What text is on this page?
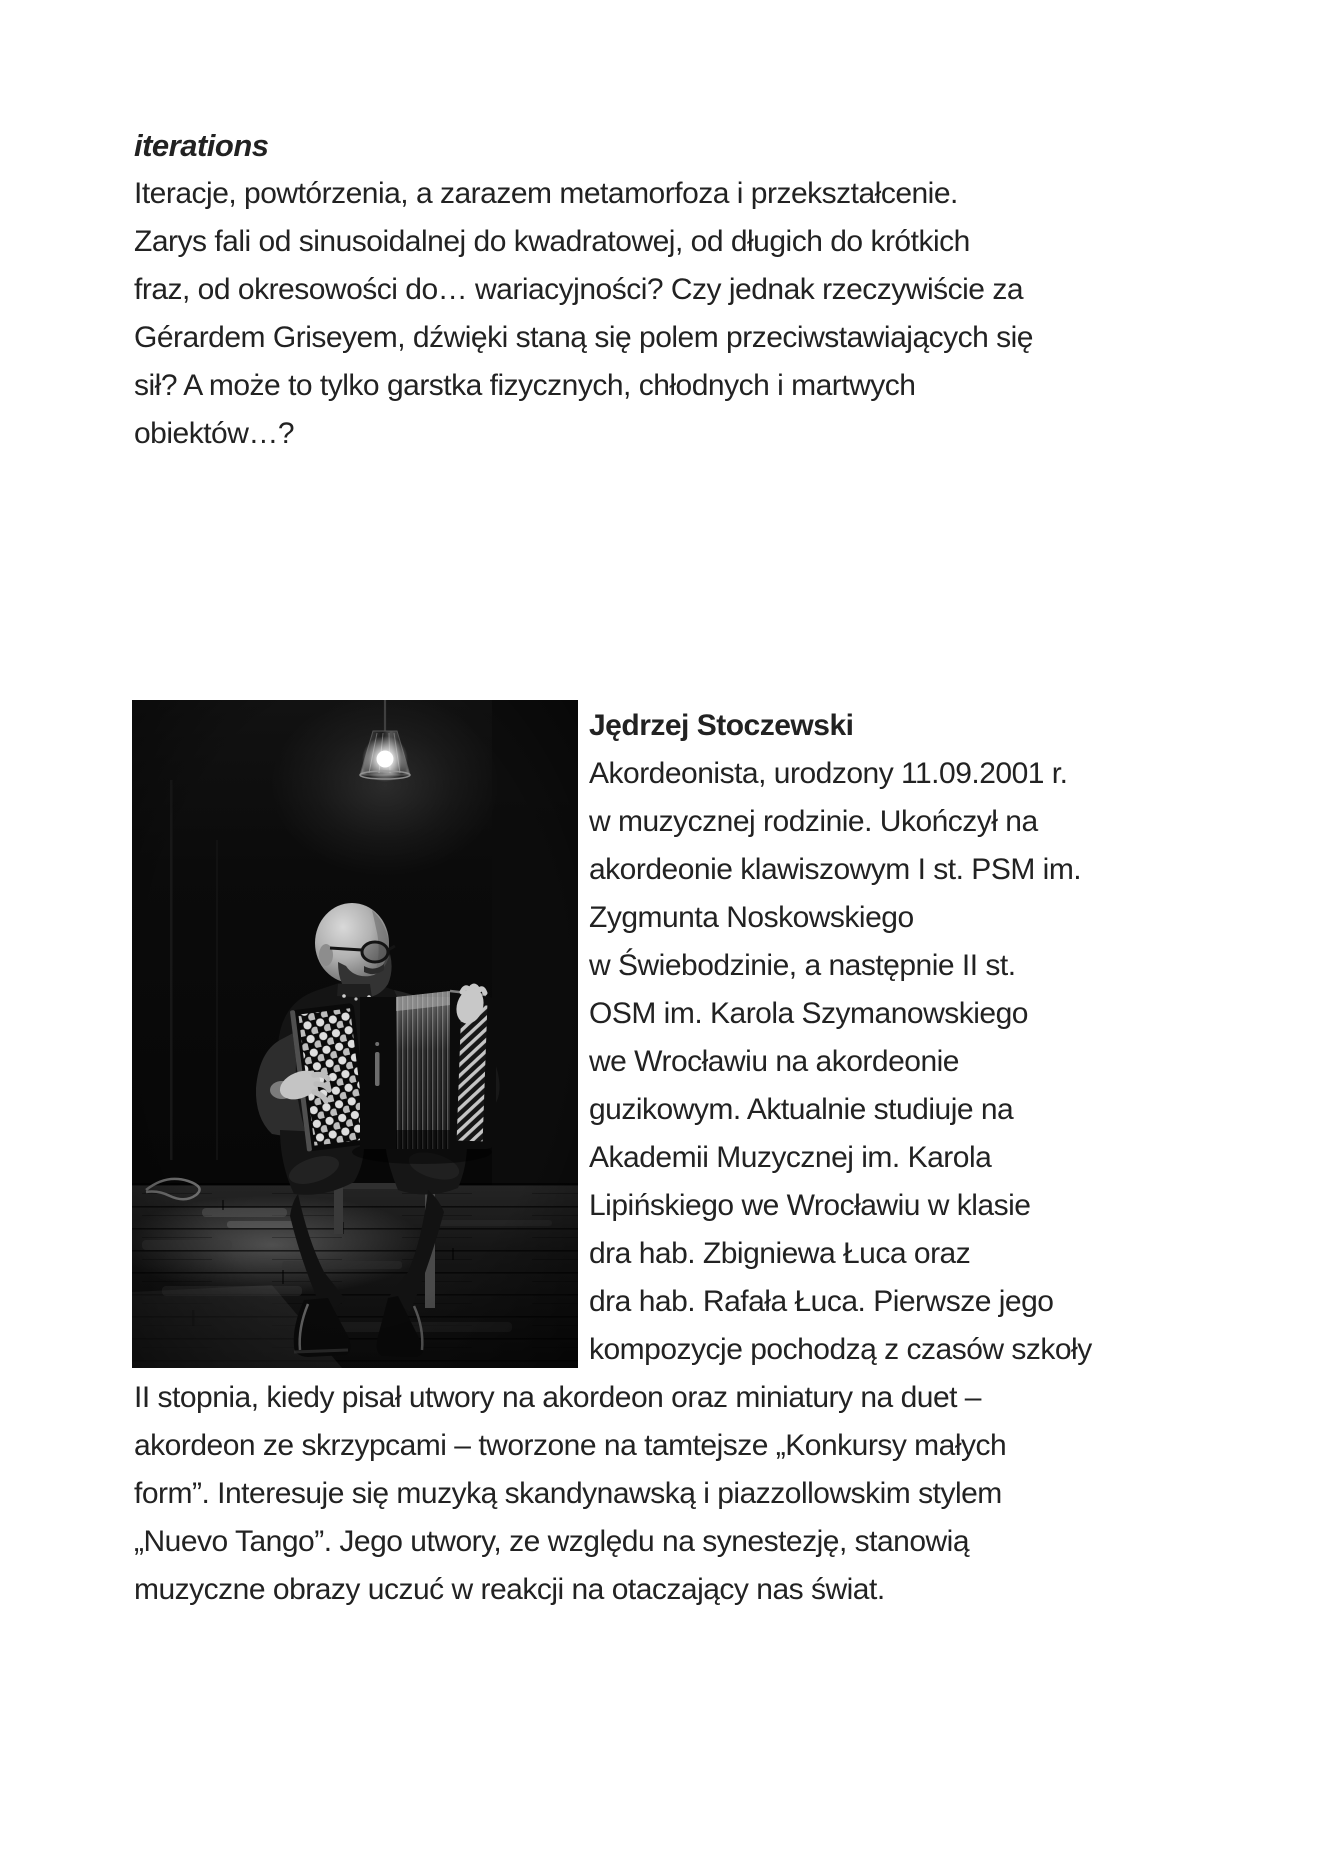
iterations

Iteracje, powtórzenia, a zarazem metamorfoza i przekształcenie.

Zarys fali od sinusoidalnej do kwadratowej, od długich do krótkich

fraz, od okresowości do… wariacyjności? Czy jednak rzeczywiście za

Gérardem Griseyem, dźwięki staną się polem przeciwstawiających się

sił? A może to tylko garstka fizycznych, chłodnych i martwych

obiektów…?

Jędrzej Stoczewski

Akordeonista, urodzony 11.09.2001 r.

w muzycznej rodzinie. Ukończył na

akordeonie klawiszowym I st. PSM im.

Zygmunta Noskowskiego

w Świebodzinie, a następnie II st.

OSM im. Karola Szymanowskiego

we Wrocławiu na akordeonie

guzikowym. Aktualnie studiuje na

Akademii Muzycznej im. Karola

Lipińskiego we Wrocławiu w klasie

dra hab. Zbigniewa Łuca oraz

dra hab. Rafała Łuca. Pierwsze jego

kompozycje pochodzą z czasów szkoły

II stopnia, kiedy pisał utwory na akordeon oraz miniatury na duet –

akordeon ze skrzypcami – tworzone na tamtejsze „Konkursy małych

form”. Interesuje się muzyką skandynawską i piazzollowskim stylem

„Nuevo Tango”. Jego utwory, ze względu na synestezję, stanowią

muzyczne obrazy uczuć w reakcji na otaczający nas świat.
